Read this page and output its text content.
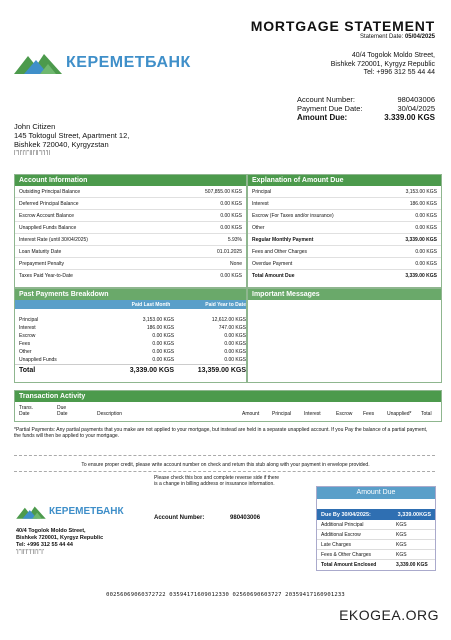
MORTGAGE STATEMENT
Statement Date: 05/04/2025
КЕРЕМЕТБАНК	40/4 Togolok Moldo Street,
Bishkek 720001, Kyrgyz Republic
Tel: +996 312 55 44 44
Account Number:	980403006
Payment Due Date:	30/04/2025
Amount Due:	3.339.00 KGS
John Citizen
145 Toktogul Street, Apartment 12,
Bishkek 720040, Kyrgyzstan
|''||'|'|''|||'||''|'|'||
Account Information
Outsiding Principal Balance	507,855.00 KGS
Deferred Principal Balance	0.00 KGS
Escrow Account Balance	0.00 KGS
Unapplied Funds Balance	0.00 KGS
Interest Rate (until 30/04/2025)	5.93%
Loan Maturity Date	01.01.2025
Prepayment Penalty	None
Taxes Paid Year-to-Date	0.00 KGS
Explanation of Amount Due
Principal	3,153.00 KGS
Interest	186.00 KGS
Escrow (For Taxes and/or insurance)	0.00 KGS
Other	0.00 KGS
Regular Monthly Payment	3,339.00 KGS
Fees and Other Charges	0.00 KGS
Overdue Payment	0.00 KGS
Total Amount Due	3,339.00 KGS
Past Payments Breakdown
Paid Last Month	Paid Year to Date
Principal	3,153.00 KGS	12,612.00 KGS
Interest	186.00 KGS	747.00 KGS
Escrow	0.00 KGS	0.00 KGS
Fees	0.00 KGS	0.00 KGS
Other	0.00 KGS	0.00 KGS
Unapplied Funds	0.00 KGS	0.00 KGS
Total	3,339.00 KGS	13,359.00 KGS
Important Messages
Transaction Activity
Trans.
Date
Due
Date	Description	Amount	Principal	Interest	Escrow	Fees	Unapplied*	Total
*Partial Payments: Any partial payments that you make are not applied to your mortgage, but instead are held in a separate unapplied account. If you Pay the balance of a partial payment, the funds will then be applied to your mortgage.
To ensure proper credit, please write account number on check and return this stub along with your payment in envelope provided.
Please check this box and complete reverse side if there
is a change in billing address or insurance information.
КЕРЕМЕТБАНК
40/4 Togolok Moldo Street,
Bishkek 720001, Kyrgyz Republic
Tel: +996 312 55 44 44
'|''||'|''|'||'|''|'
Account Number:	980403006
Amount Due
Due By 30/04/2025:	3,339.00KGS
Additional Principal	KGS
Additional Escrow	KGS
Late Charges	KGS
Fees & Other Charges	KGS
Total Amount Enclosed	3,339.00 KGS
00256069060372722 03594171609012330 02560690603727 20359417160901233
EKOGEA.ORG
